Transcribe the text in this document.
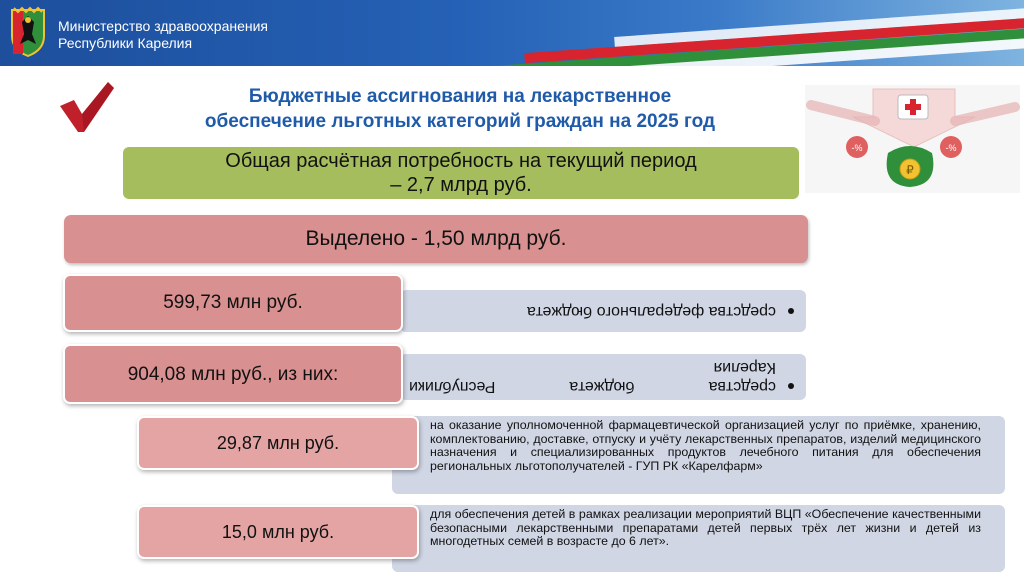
Министерство здравоохранения
Республики Карелия
Бюджетные ассигнования на лекарственное
обеспечение льготных категорий граждан на 2025 год
-%	-%
₽
Общая расчётная потребность на текущий период
– 2,7 млрд руб.
Выделено - 1,50 млрд руб.
средства федерального бюджета
599,73 млн руб.
средства бюджета Республики
Карелия
904,08 млн руб., из них:
на оказание уполномоченной фармацевтической организацией услуг по приёмке, хранению, комплектованию, доставке, отпуску и учёту лекарственных препаратов, изделий медицинского назначения и специализированных продуктов лечебного питания для обеспечения региональных льготополучателей - ГУП РК «Карелфарм»
29,87 млн руб.
для обеспечения детей в рамках реализации мероприятий ВЦП «Обеспечение качественными безопасными лекарственными препаратами детей первых трёх лет жизни и детей из многодетных семей в возрасте до 6 лет».
15,0 млн руб.
